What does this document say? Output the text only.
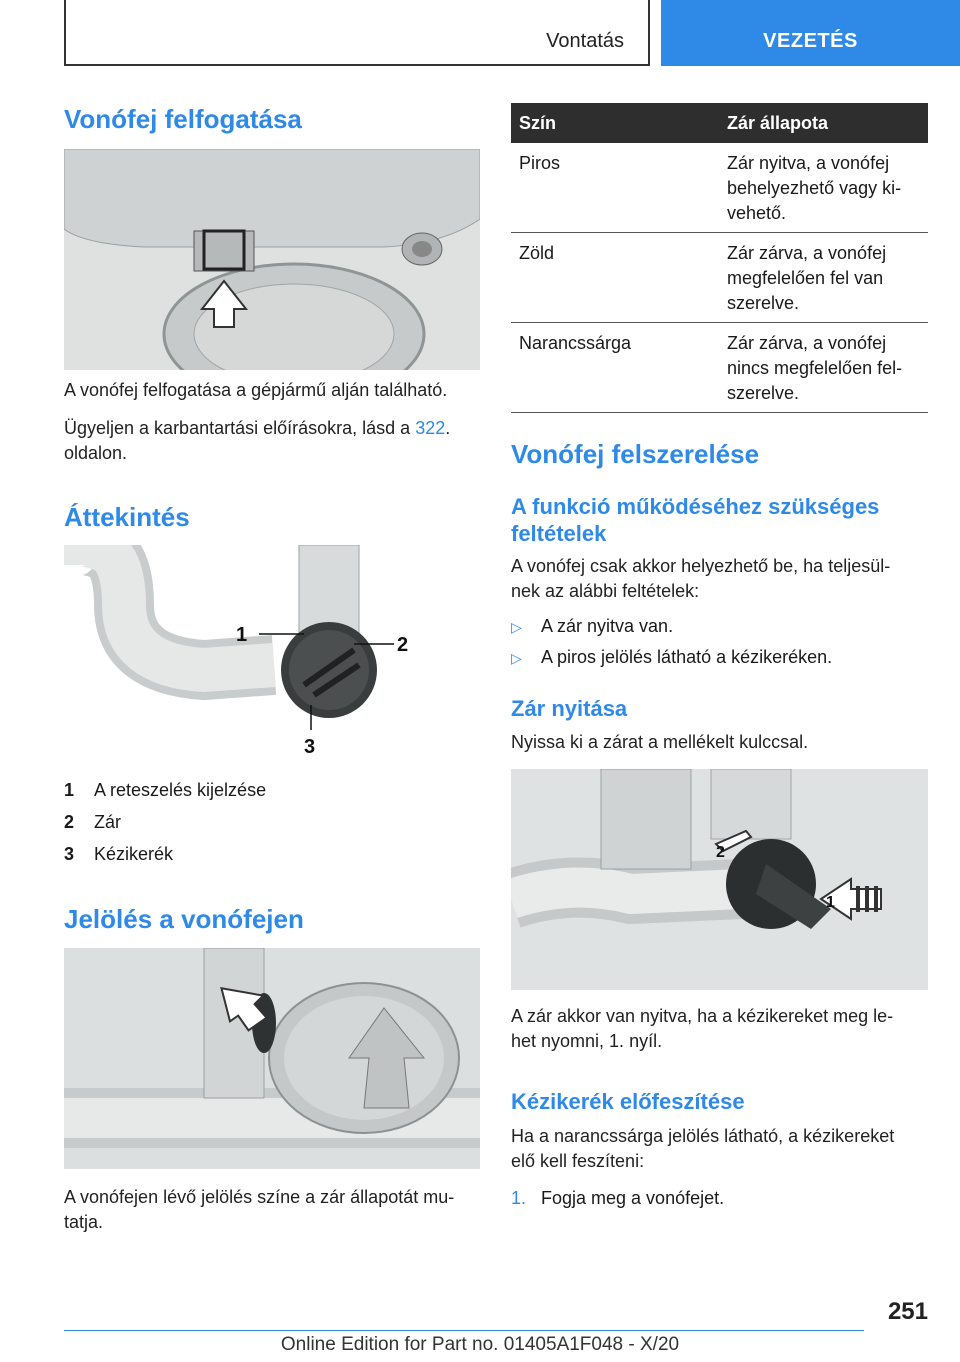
Vontatás	VEZETÉS
Vonófej felfogatása
A vonófej felfogatása a gépjármű alján található.
Ügyeljen a karbantartási előírásokra, lásd a 322.
oldalon.
Áttekintés
1	2
3
1 A reteszelés kijelzése
2 Zár
3 Kézikerék
Jelölés a vonófejen
A vonófejen lévő jelölés színe a zár állapotát mu-
tatja.
Szín	Zár állapota
Piros	Zár nyitva, a vonófej
behelyezhető vagy ki-
vehető.
Zöld	Zár zárva, a vonófej
megfelelően fel van
szerelve.
Narancssárga	Zár zárva, a vonófej
nincs megfelelően fel-
szerelve.
Vonófej felszerelése
A funkció működéséhez szükséges
feltételek
A vonófej csak akkor helyezhető be, ha teljesül-
nek az alábbi feltételek:
▷ A zár nyitva van.
▷ A piros jelölés látható a kézikeréken.
Zár nyitása
Nyissa ki a zárat a mellékelt kulccsal.
2
1
A zár akkor van nyitva, ha a kézikereket meg le-
het nyomni, 1. nyíl.
Kézikerék előfeszítése
Ha a narancssárga jelölés látható, a kézikereket
elő kell feszíteni:
1. Fogja meg a vonófejet.
251
Online Edition for Part no. 01405A1F048 - X/20
